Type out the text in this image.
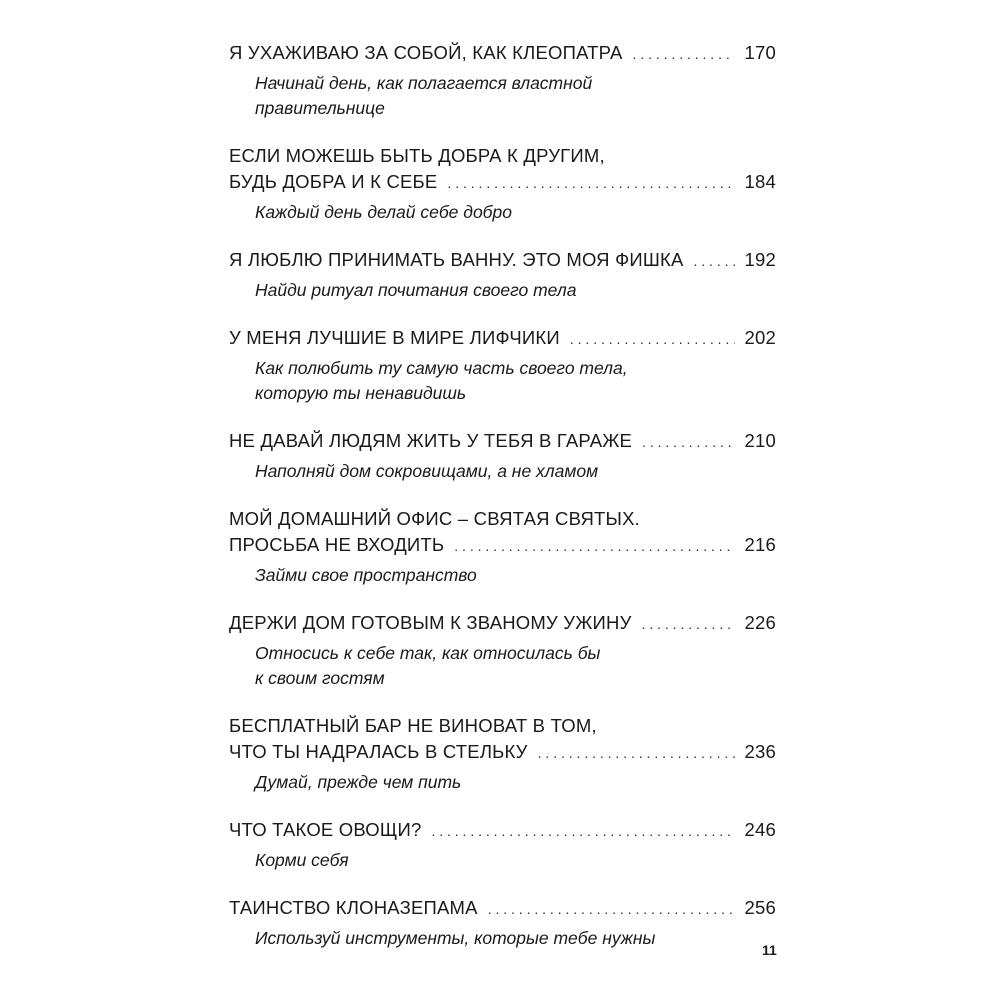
Я УХАЖИВАЮ ЗА СОБОЙ, КАК КЛЕОПАТРА . . .	170
Начинай день, как полагается властной
правительнице
ЕСЛИ МОЖЕШЬ БЫТЬ ДОБРА К ДРУГИМ,
БУДЬ ДОБРА И К СЕБЕ . . .	184
Каждый день делай себе добро
Я ЛЮБЛЮ ПРИНИМАТЬ ВАННУ. ЭТО МОЯ ФИШКА . . .	192
Найди ритуал почитания своего тела
У МЕНЯ ЛУЧШИЕ В МИРЕ ЛИФЧИКИ . . .	202
Как полюбить ту самую часть своего тела,
которую ты ненавидишь
НЕ ДАВАЙ ЛЮДЯМ ЖИТЬ У ТЕБЯ В ГАРАЖЕ . . .	210
Наполняй дом сокровищами, а не хламом
МОЙ ДОМАШНИЙ ОФИС – СВЯТАЯ СВЯТЫХ.
ПРОСЬБА НЕ ВХОДИТЬ . . .	216
Займи свое пространство
ДЕРЖИ ДОМ ГОТОВЫМ К ЗВАНОМУ УЖИНУ . . .	226
Относись к себе так, как относилась бы
к своим гостям
БЕСПЛАТНЫЙ БАР НЕ ВИНОВАТ В ТОМ,
ЧТО ТЫ НАДРАЛАСЬ В СТЕЛЬКУ . . .	236
Думай, прежде чем пить
ЧТО ТАКОЕ ОВОЩИ? . . .	246
Корми себя
ТАИНСТВО КЛОНАЗЕПАМА . . .	256
Используй инструменты, которые тебе нужны
11
